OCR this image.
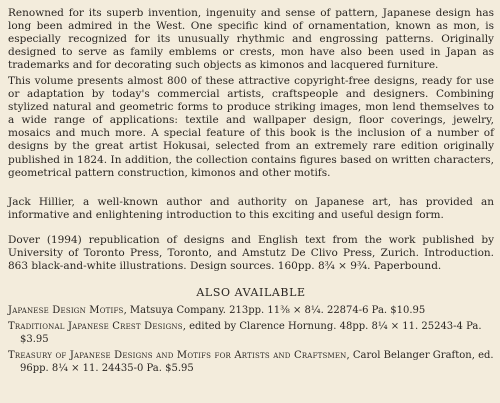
Renowned for its superb invention, ingenuity and sense of pattern, Japanese design has long been admired in the West. One specific kind of ornamentation, known as mon, is especially recognized for its unusually rhythmic and engrossing patterns. Originally designed to serve as family emblems or crests, mon have also been used in Japan as trademarks and for decorating such objects as kimonos and lacquered furniture.

This volume presents almost 800 of these attractive copyright-free designs, ready for use or adaptation by today's commercial artists, craftspeople and designers. Combining stylized natural and geometric forms to produce striking images, mon lend themselves to a wide range of applications: textile and wallpaper design, floor coverings, jewelry, mosaics and much more. A special feature of this book is the inclusion of a number of designs by the great artist Hokusai, selected from an extremely rare edition originally published in 1824. In addition, the collection contains figures based on written characters, geometrical pattern construction, kimonos and other motifs.

Jack Hillier, a well-known author and authority on Japanese art, has provided an informative and enlightening introduction to this exciting and useful design form.

Dover (1994) republication of designs and English text from the work published by University of Toronto Press, Toronto, and Amstutz De Clivo Press, Zurich. Introduction. 863 black-and-white illustrations. Design sources. 160pp. 8¾ × 9¾. Paperbound.

ALSO AVAILABLE

Japanese Design Motifs, Matsuya Company. 213pp. 11⅜ × 8¼. 22874-6 Pa. $10.95

Traditional Japanese Crest Designs, edited by Clarence Hornung. 48pp. 8¼ × 11. 25243-4 Pa. $3.95

Treasury of Japanese Designs and Motifs for Artists and Craftsmen, Carol Belanger Grafton, ed. 96pp. 8¼ × 11. 24435-0 Pa. $5.95
